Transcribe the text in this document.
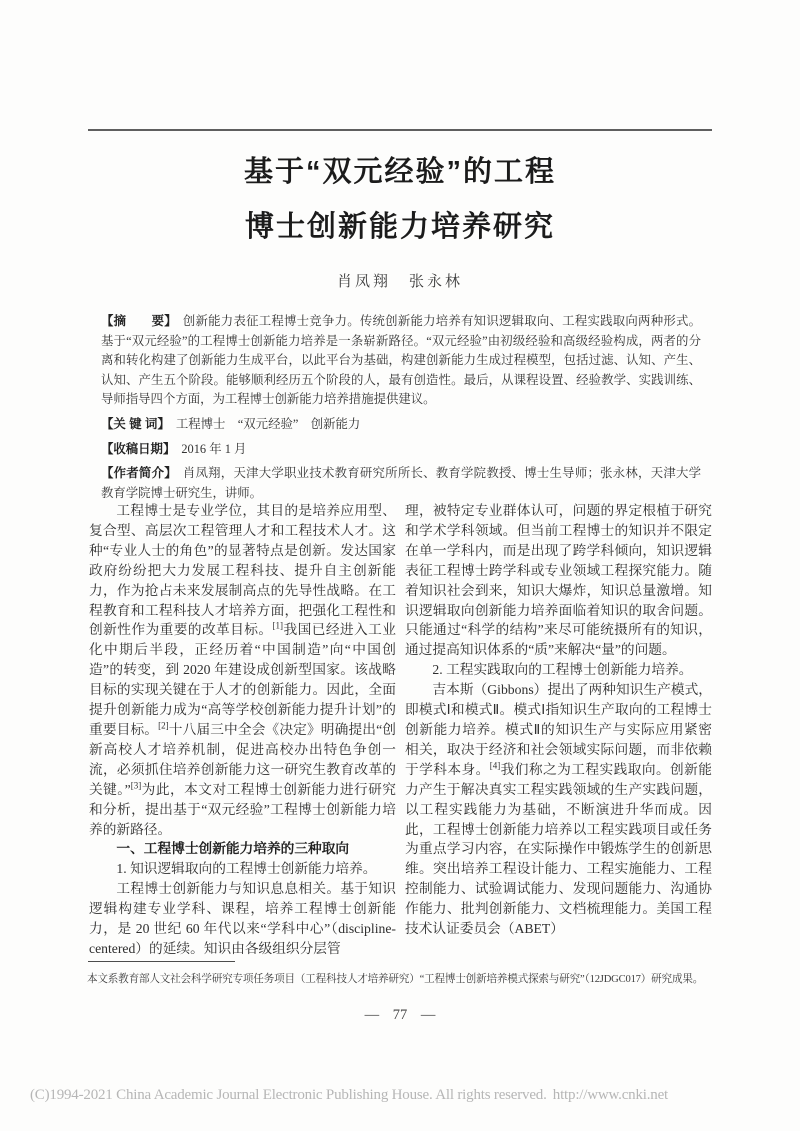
基于“双元经验”的工程
博士创新能力培养研究
肖凤翔　张永林

【摘　　要】 创新能力表征工程博士竞争力。传统创新能力培养有知识逻辑取向、工程实践取向两种形式。基于“双元经验”的工程博士创新能力培养是一条崭新路径。“双元经验”由初级经验和高级经验构成，两者的分离和转化构建了创新能力生成平台，以此平台为基础，构建创新能力生成过程模型，包括过滤、认知、产生、认知、产生五个阶段。能够顺利经历五个阶段的人，最有创造性。最后，从课程设置、经验教学、实践训练、导师指导四个方面，为工程博士创新能力培养措施提供建议。

【关 键 词】 工程博士　“双元经验”　创新能力

【收稿日期】 2016 年 1 月

【作者简介】 肖凤翔，天津大学职业技术教育研究所所长、教育学院教授、博士生导师；张永林，天津大学教育学院博士研究生，讲师。

工程博士是专业学位，其目的是培养应用型、复合型、高层次工程管理人才和工程技术人才。这种“专业人士的角色”的显著特点是创新。发达国家政府纷纷把大力发展工程科技、提升自主创新能力，作为抢占未来发展制高点的先导性战略。在工程教育和工程科技人才培养方面，把强化工程性和创新性作为重要的改革目标。[1]我国已经进入工业化中期后半段，正经历着“中国制造”向“中国创造”的转变，到 2020 年建设成创新型国家。该战略目标的实现关键在于人才的创新能力。因此，全面提升创新能力成为“高等学校创新能力提升计划”的重要目标。[2]十八届三中全会《决定》明确提出“创新高校人才培养机制，促进高校办出特色争创一流，必须抓住培养创新能力这一研究生教育改革的关键。”[3]为此，本文对工程博士创新能力进行研究和分析，提出基于“双元经验”工程博士创新能力培养的新路径。

一、工程博士创新能力培养的三种取向

1. 知识逻辑取向的工程博士创新能力培养。

工程博士创新能力与知识息息相关。基于知识逻辑构建专业学科、课程，培养工程博士创新能力，是 20 世纪 60 年代以来“学科中心”（discipline-centered）的延续。知识由各级组织分层管

理，被特定专业群体认可，问题的界定根植于研究和学术学科领域。但当前工程博士的知识并不限定在单一学科内，而是出现了跨学科倾向，知识逻辑表征工程博士跨学科或专业领域工程探究能力。随着知识社会到来，知识大爆炸，知识总量激增。知识逻辑取向创新能力培养面临着知识的取舍问题。只能通过“科学的结构”来尽可能统摄所有的知识，通过提高知识体系的“质”来解决“量”的问题。

2. 工程实践取向的工程博士创新能力培养。

吉本斯（Gibbons）提出了两种知识生产模式，即模式Ⅰ和模式Ⅱ。模式Ⅰ指知识生产取向的工程博士创新能力培养。模式Ⅱ的知识生产与实际应用紧密相关，取决于经济和社会领域实际问题，而非依赖于学科本身。[4]我们称之为工程实践取向。创新能力产生于解决真实工程实践领域的生产实践问题，以工程实践能力为基础，不断演进升华而成。因此，工程博士创新能力培养以工程实践项目或任务为重点学习内容，在实际操作中锻炼学生的创新思维。突出培养工程设计能力、工程实施能力、工程控制能力、试验调试能力、发现问题能力、沟通协作能力、批判创新能力、文档梳理能力。美国工程技术认证委员会（ABET）

本文系教育部人文社会科学研究专项任务项目（工程科技人才培养研究）“工程博士创新培养模式探索与研究”（12JDGC017）研究成果。
— 77 —
(C)1994-2021 China Academic Journal Electronic Publishing House. All rights reserved. http://www.cnki.net
